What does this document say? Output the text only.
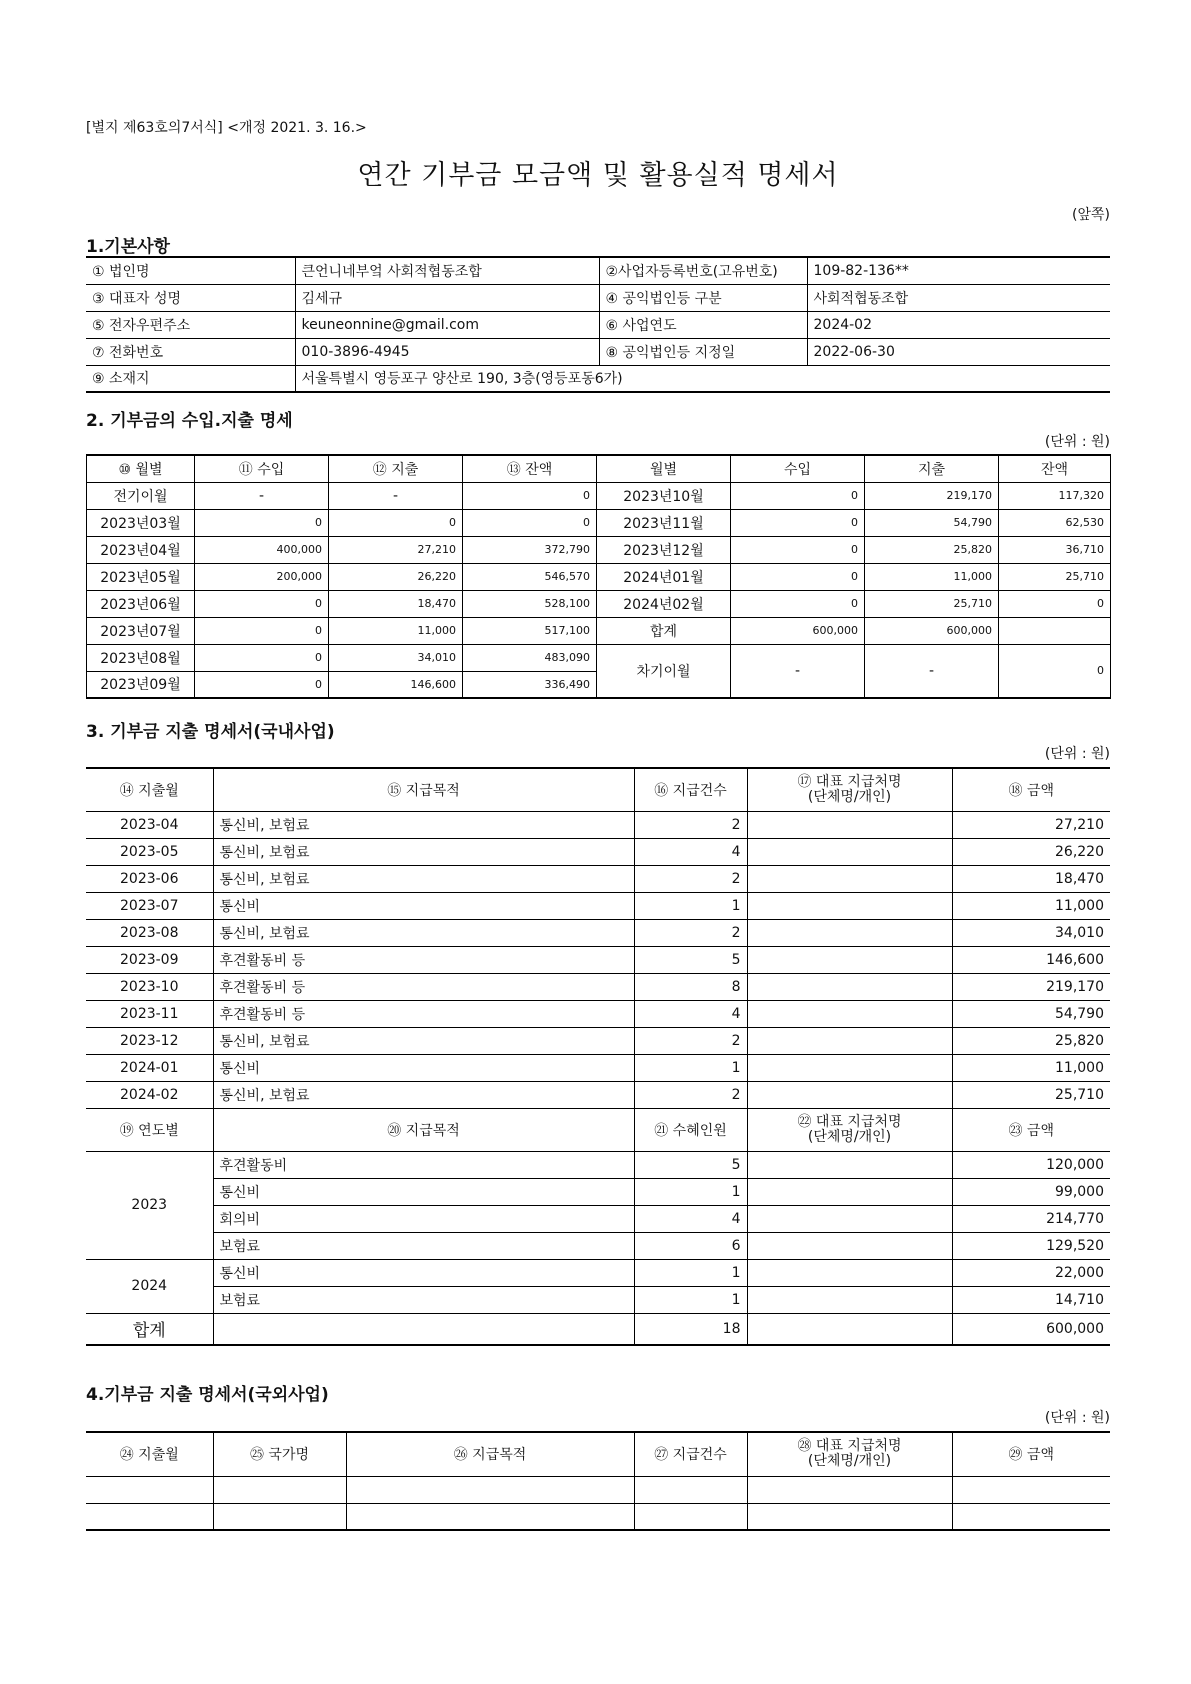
[별지 제63호의7서식] <개정 2021. 3. 16.>
연간 기부금 모금액 및 활용실적 명세서
(앞쪽)
1.기본사항
① 법인명	큰언니네부엌 사회적협동조합	②사업자등록번호(고유번호)	109-82-136**
③ 대표자 성명	김세규	④ 공익법인등 구분	사회적협동조합
⑤ 전자우편주소	keuneonnine@gmail.com	⑥ 사업연도	2024-02
⑦ 전화번호	010-3896-4945	⑧ 공익법인등 지정일	2022-06-30
⑨ 소재지	서울특별시 영등포구 양산로 190, 3층(영등포동6가)		
2. 기부금의 수입.지출 명세
(단위 : 원)
⑩ 월별	⑪ 수입	⑫ 지출	⑬ 잔액	월별	수입	지출	잔액
전기이월	-	-	0	2023년10월	0	219,170	117,320
2023년03월	0	0	0	2023년11월	0	54,790	62,530
2023년04월	400,000	27,210	372,790	2023년12월	0	25,820	36,710
2023년05월	200,000	26,220	546,570	2024년01월	0	11,000	25,710
2023년06월	0	18,470	528,100	2024년02월	0	25,710	0
2023년07월	0	11,000	517,100	합계	600,000	600,000	
2023년08월	0	34,010	483,090	차기이월	-	-	0
2023년09월	0	146,600	336,490				
3. 기부금 지출 명세서(국내사업)
(단위 : 원)
⑭ 지출월	⑮ 지급목적	⑯ 지급건수	⑰ 대표 지급처명
(단체명/개인)	⑱ 금액
2023-04	통신비, 보험료	2		27,210
2023-05	통신비, 보험료	4		26,220
2023-06	통신비, 보험료	2		18,470
2023-07	통신비	1		11,000
2023-08	통신비, 보험료	2		34,010
2023-09	후견활동비 등	5		146,600
2023-10	후견활동비 등	8		219,170
2023-11	후견활동비 등	4		54,790
2023-12	통신비, 보험료	2		25,820
2024-01	통신비	1		11,000
2024-02	통신비, 보험료	2		25,710
⑲ 연도별	⑳ 지급목적	㉑ 수혜인원	㉒ 대표 지급처명
(단체명/개인)	㉓ 금액
2023	후견활동비	5		120,000
	통신비	1		99,000
	회의비	4		214,770
	보험료	6		129,520
2024	통신비	1		22,000
	보험료	1		14,710
합계		18		600,000
4.기부금 지출 명세서(국외사업)
(단위 : 원)
㉔ 지출월	㉕ 국가명	㉖ 지급목적	㉗ 지급건수	㉘ 대표 지급처명
(단체명/개인)	㉙ 금액
